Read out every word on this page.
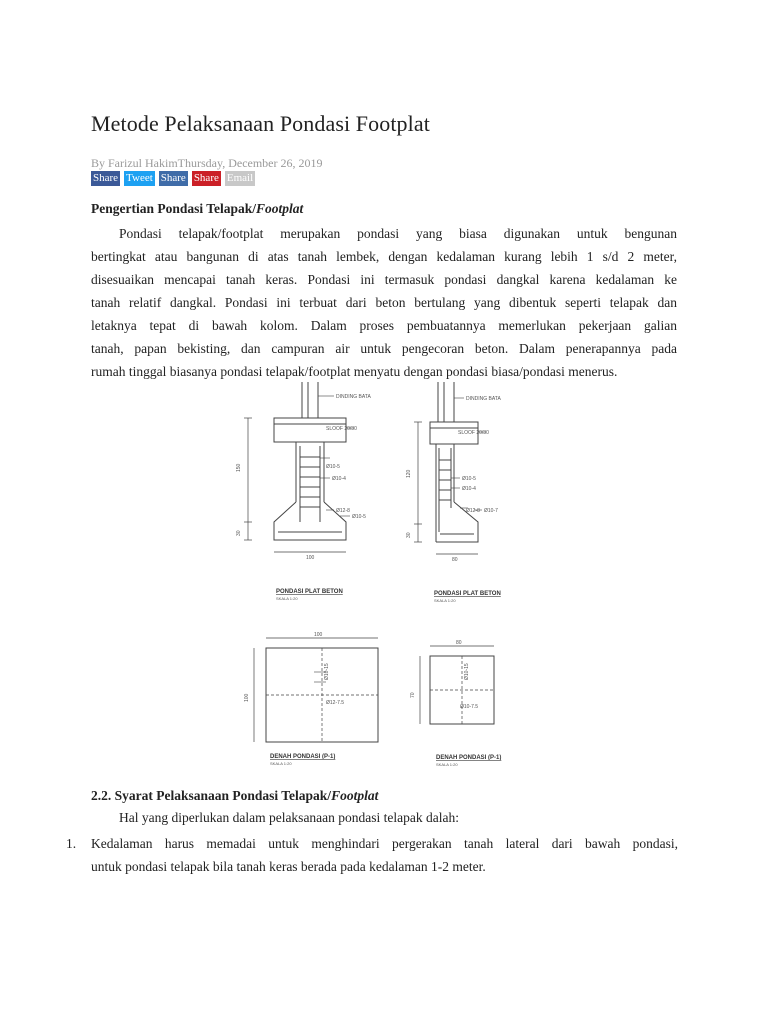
Metode Pelaksanaan Pondasi Footplat
By Farizul HakimThursday, December 26, 2019
Share Tweet Share Share Email
Pengertian Pondasi Telapak/Footplat
Pondasi telapak/footplat merupakan pondasi yang biasa digunakan untuk bengunan
bertingkat atau bangunan di atas tanah lembek, dengan kedalaman kurang lebih 1 s/d 2 meter,
disesuaikan mencapai tanah keras. Pondasi ini termasuk pondasi dangkal karena kedalaman ke
tanah relatif dangkal. Pondasi ini terbuat dari beton bertulang yang dibentuk seperti telapak dan
letaknya tepat di bawah kolom. Dalam proses pembuatannya memerlukan pekerjaan galian
tanah, papan bekisting, dan campuran air untuk pengecoran beton. Dalam penerapannya pada
rumah tinggal biasanya pondasi telapak/footplat menyatu dengan pondasi biasa/pondasi menerus.
DINDING BATA
SLOOF 20/30
Ø10-5
Ø10-4
Ø12-8
Ø10-5
150
30
100
PONDASI PLAT BETON
SKALA 1:20
DINDING BATA
SLOOF 20/30
Ø10-5
Ø10-4
Ø12-8 Ø10-7
120
30
80
PONDASI PLAT BETON
SKALA 1:20
100
100
Ø10-15
Ø12-7.5
DENAH PONDASI (P-1)
SKALA 1:20
80
70
Ø10-15
Ø10-7.5
DENAH PONDASI (P-1)
SKALA 1:20
2.2. Syarat Pelaksanaan Pondasi Telapak/Footplat

Hal yang diperlukan dalam pelaksanaan pondasi telapak dalah:

1. Kedalaman harus memadai untuk menghindari pergerakan tanah lateral dari bawah pondasi,
untuk pondasi telapak bila tanah keras berada pada kedalaman 1-2 meter.
